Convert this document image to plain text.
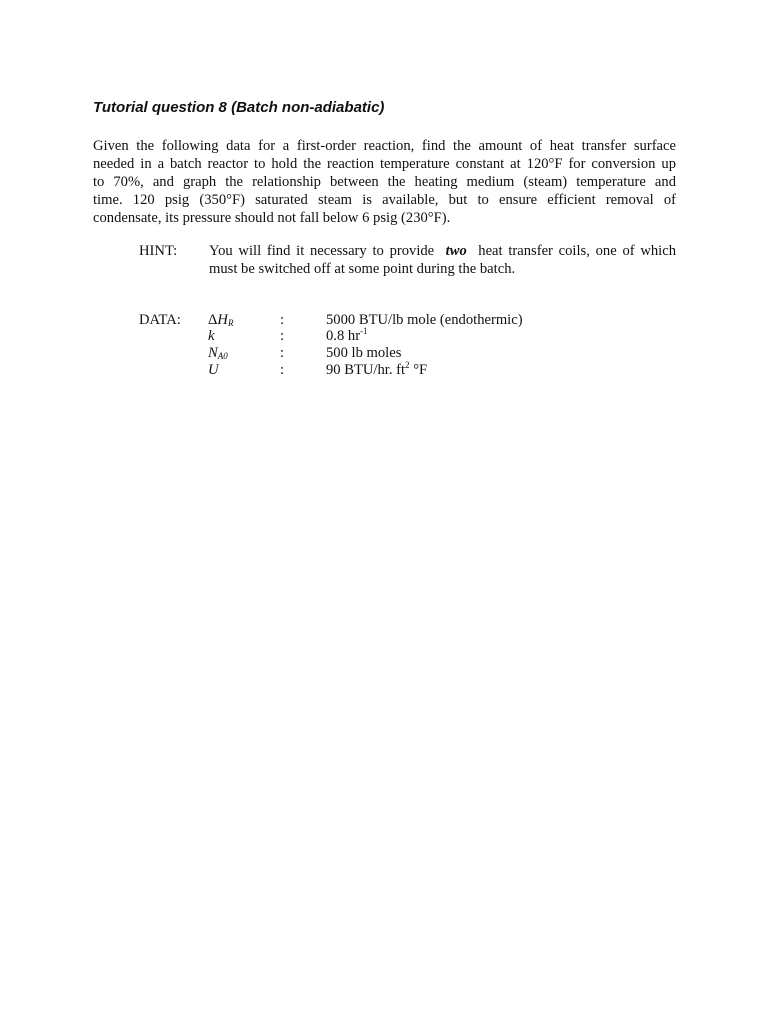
Tutorial question 8 (Batch non-adiabatic)
Given the following data for a first-order reaction, find the amount of heat transfer surface
needed in a batch reactor to hold the reaction temperature constant at 120°F for conversion up
to 70%, and graph the relationship between the heating medium (steam) temperature and
time. 120 psig (350°F) saturated steam is available, but to ensure efficient removal of
condensate, its pressure should not fall below 6 psig (230°F).
HINT: You will find it necessary to provide  two  heat transfer coils, one of which
must be switched off at some point during the batch.
DATA: $\Delta H_R$	:	5000 BTU/lb mole (endothermic)
k	:	0.8 $hr^{-1}$
$N_{A0}$	:	500 lb moles
U	:	90 BTU/hr. $ft^2$ °F
